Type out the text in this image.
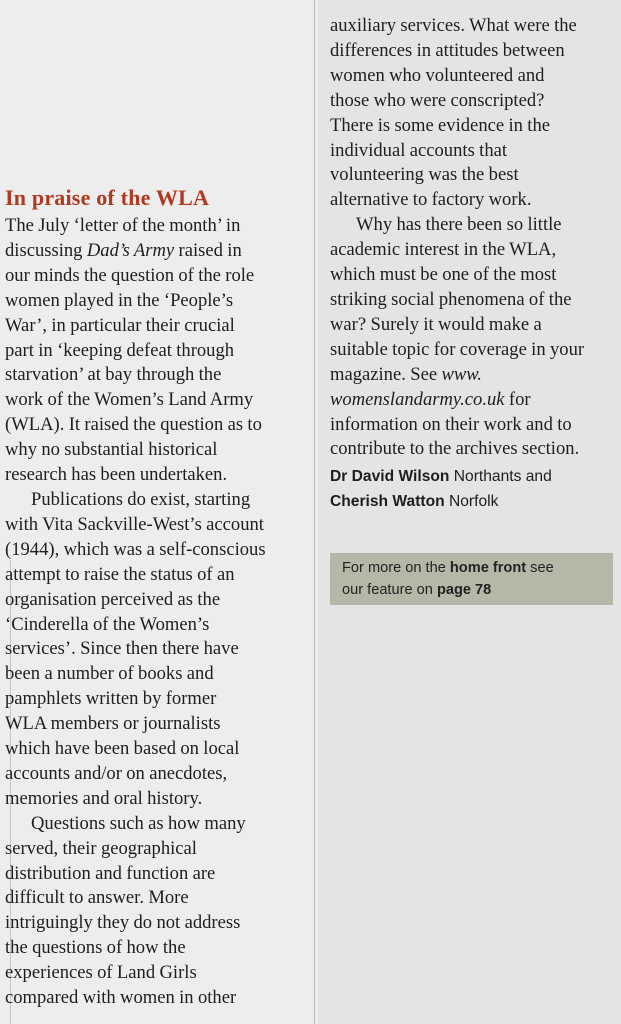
In praise of the WLA
The July ‘letter of the month’ in
discussing Dad’s Army raised in
our minds the question of the role
women played in the ‘People’s
War’, in particular their crucial
part in ‘keeping defeat through
starvation’ at bay through the
work of the Women’s Land Army
(WLA). It raised the question as to
why no substantial historical
research has been undertaken.
Publications do exist, starting
with Vita Sackville-West’s account
(1944), which was a self-conscious
attempt to raise the status of an
organisation perceived as the
‘Cinderella of the Women’s
services’. Since then there have
been a number of books and
pamphlets written by former
WLA members or journalists
which have been based on local
accounts and/or on anecdotes,
memories and oral history.
Questions such as how many
served, their geographical
distribution and function are
difficult to answer. More
intriguingly they do not address
the questions of how the
experiences of Land Girls
compared with women in other
auxiliary services. What were the
differences in attitudes between
women who volunteered and
those who were conscripted?
There is some evidence in the
individual accounts that
volunteering was the best
alternative to factory work.
Why has there been so little
academic interest in the WLA,
which must be one of the most
striking social phenomena of the
war? Surely it would make a
suitable topic for coverage in your
magazine. See www.
womenslandarmy.co.uk for
information on their work and to
contribute to the archives section.

Dr David Wilson Northants and
Cherish Watton Norfolk

For more on the home front see
our feature on page 78
